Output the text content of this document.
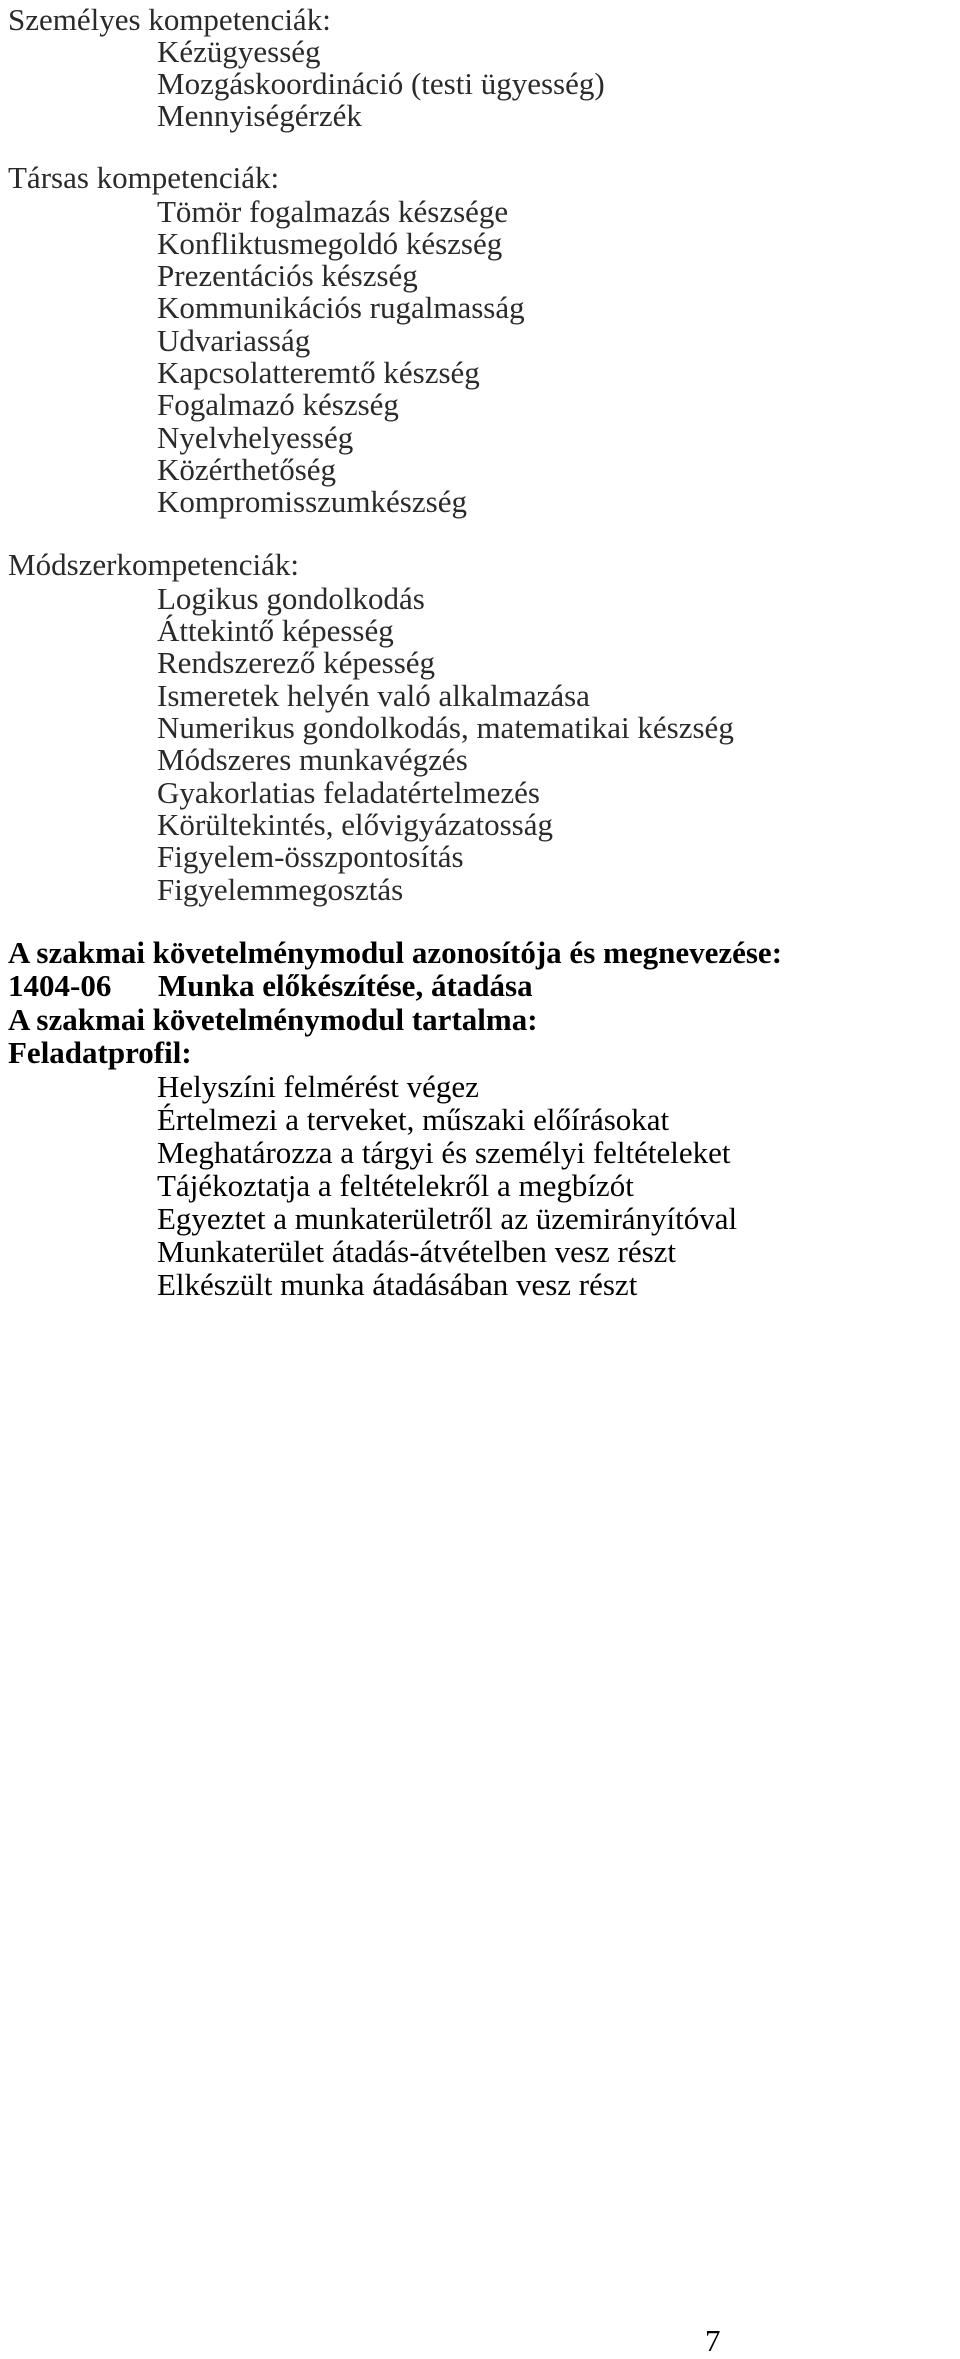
Személyes kompetenciák:
Kézügyesség
Mozgáskoordináció (testi ügyesség)
Mennyiségérzék
Társas kompetenciák:
Tömör fogalmazás készsége
Konfliktusmegoldó készség
Prezentációs készség
Kommunikációs rugalmasság
Udvariasság
Kapcsolatteremtő készség
Fogalmazó készség
Nyelvhelyesség
Közérthetőség
Kompromisszumkészség
Módszerkompetenciák:
Logikus gondolkodás
Áttekintő képesség
Rendszerező képesség
Ismeretek helyén való alkalmazása
Numerikus gondolkodás, matematikai készség
Módszeres munkavégzés
Gyakorlatias feladatértelmezés
Körültekintés, elővigyázatosság
Figyelem-összpontosítás
Figyelemmegosztás
A szakmai követelménymodul azonosítója és megnevezése:
1404-06 Munka előkészítése, átadása
A szakmai követelménymodul tartalma:
Feladatprofil:
Helyszíni felmérést végez
Értelmezi a terveket, műszaki előírásokat
Meghatározza a tárgyi és személyi feltételeket
Tájékoztatja a feltételekről a megbízót
Egyeztet a munkaterületről az üzemirányítóval
Munkaterület átadás-átvételben vesz részt
Elkészült munka átadásában vesz részt
7
